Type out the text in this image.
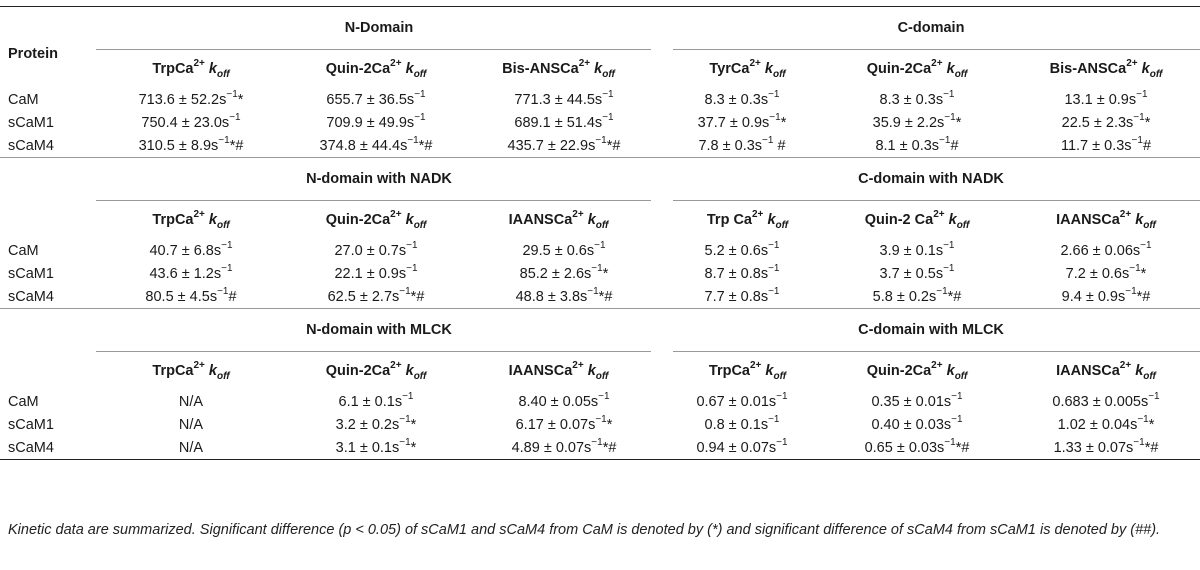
Protein	N-Domain			C-domain		
	TrpCa$^{2+}$ $k_{off}$	Quin-$2Ca^{2+}$ $k_{off}$	Bis-ANSCa$^{2+}$ $k_{off}$	TyrCa$^{2+}$ $k_{off}$	Quin-$2Ca^{2+}$ $k_{off}$	Bis-ANSCa$^{2+}$ $k_{off}$
CaM	$713.6 \pm 52.2s^{-1}*$	$655.7 \pm 36.5s^{-1}$	$771.3 \pm 44.5s^{-1}$	$8.3 \pm 0.3s^{-1}$	$8.3 \pm 0.3s^{-1}$	$13.1 \pm 0.9s^{-1}$
sCaM1	$750.4 \pm 23.0s^{-1}$	$709.9 \pm 49.9s^{-1}$	$689.1 \pm 51.4s^{-1}$	$37.7 \pm 0.9s^{-1}*$	$35.9 \pm 2.2s^{-1}*$	$22.5 \pm 2.3s^{-1}*$
sCaM4	$310.5 \pm 8.9s^{-1}*\#$	$374.8 \pm 44.4s^{-1}*\#$	$435.7 \pm 22.9s^{-1}*\#$	$7.8 \pm 0.3s^{-1}$ #	$8.1 \pm 0.3s^{-1}\#$	$11.7 \pm 0.3s^{-1}\#$
	N-domain with NADK			C-domain with NADK		
	TrpCa$^{2+}$ $k_{off}$	Quin-$2Ca^{2+}$ $k_{off}$	IAANSCa$^{2+}$ $k_{off}$	Trp $Ca^{2+}$ $k_{off}$	Quin-2 $Ca^{2+}$ $k_{off}$	IAANSCa$^{2+}$ $k_{off}$
CaM	$40.7 \pm 6.8s^{-1}$	$27.0 \pm 0.7s^{-1}$	$29.5 \pm 0.6s^{-1}$	$5.2 \pm 0.6s^{-1}$	$3.9 \pm 0.1s^{-1}$	$2.66 \pm 0.06s^{-1}$
sCaM1	$43.6 \pm 1.2s^{-1}$	$22.1 \pm 0.9s^{-1}$	$85.2 \pm 2.6s^{-1}*$	$8.7 \pm 0.8s^{-1}$	$3.7 \pm 0.5s^{-1}$	$7.2 \pm 0.6s^{-1}*$
sCaM4	$80.5 \pm 4.5s^{-1}\#$	$62.5 \pm 2.7s^{-1}*\#$	$48.8 \pm 3.8s^{-1}*\#$	$7.7 \pm 0.8s^{-1}$	$5.8 \pm 0.2s^{-1}*\#$	$9.4 \pm 0.9s^{-1}*\#$
	N-domain with MLCK			C-domain with MLCK		
	TrpCa$^{2+}$ $k_{off}$	Quin-$2Ca^{2+}$ $k_{off}$	IAANSCa$^{2+}$ $k_{off}$	TrpCa$^{2+}$ $k_{off}$	Quin-$2Ca^{2+}$ $k_{off}$	IAANSCa$^{2+}$ $k_{off}$
CaM	N/A	$6.1 \pm 0.1s^{-1}$	$8.40 \pm 0.05s^{-1}$	$0.67 \pm 0.01s^{-1}$	$0.35 \pm 0.01s^{-1}$	$0.683 \pm 0.005s^{-1}$
sCaM1	N/A	$3.2 \pm 0.2s^{-1}*$	$6.17 \pm 0.07s^{-1}*$	$0.8 \pm 0.1s^{-1}$	$0.40 \pm 0.03s^{-1}$	$1.02 \pm 0.04s^{-1}*$
sCaM4	N/A	$3.1 \pm 0.1s^{-1}*$	$4.89 \pm 0.07s^{-1}*\#$	$0.94 \pm 0.07s^{-1}$	$0.65 \pm 0.03s^{-1}*\#$	$1.33 \pm 0.07s^{-1}*\#$
Kinetic data are summarized. Significant difference (p < 0.05) of sCaM1 and sCaM4 from CaM is denoted by (*) and significant difference of sCaM4 from sCaM1 is denoted by (##).
